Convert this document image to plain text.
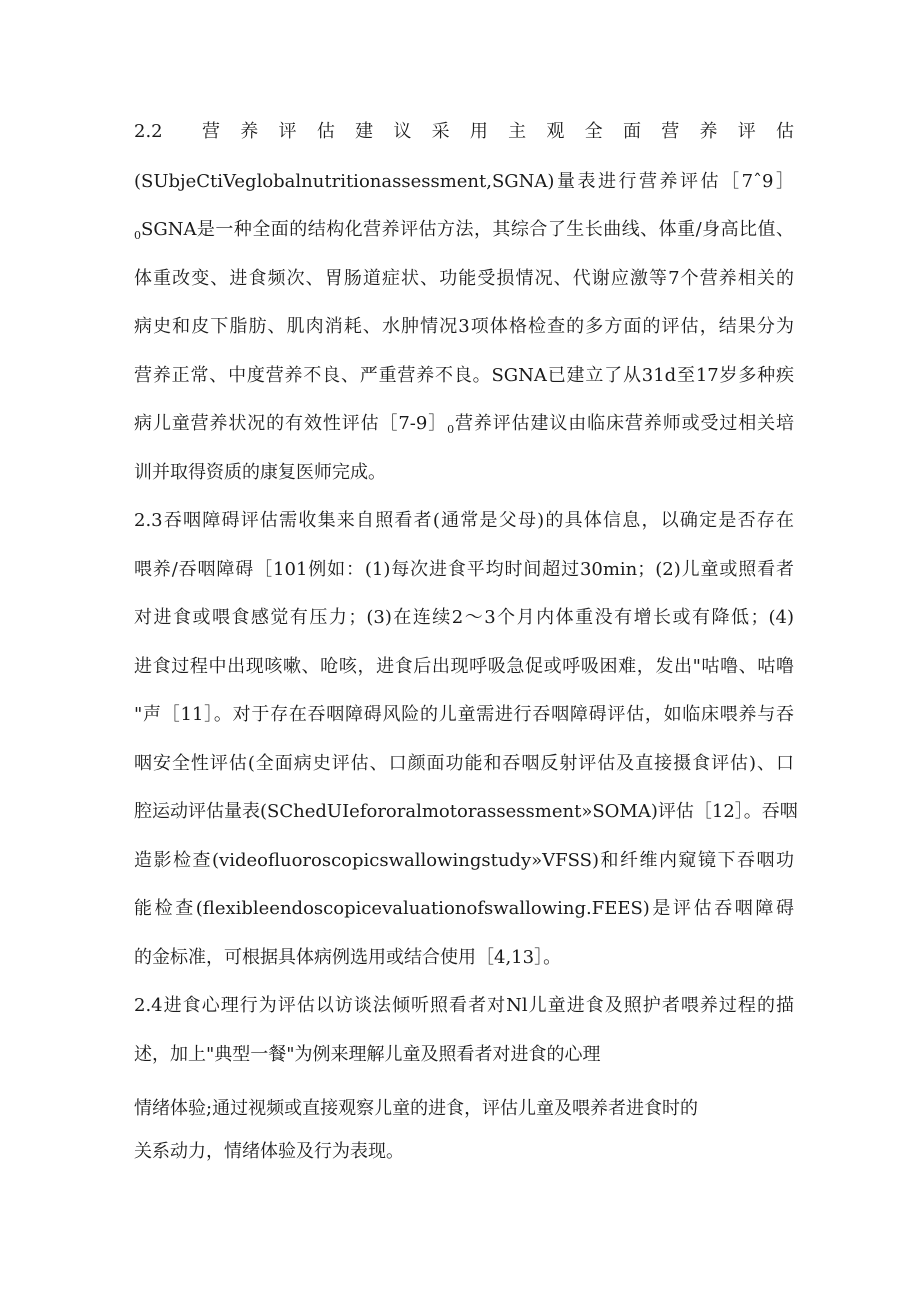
2.2　　营　养　评　估　建　议　采　用　主　观　全　面　营　养　评　估
(SUbjeCtiVeglobalnutritionassessment,SGNA)量表进行营养评估［7ˆ9］
$_0$SGNA是一种全面的结构化营养评估方法，其综合了生长曲线、体重/身高比值、
体重改变、进食频次、胃肠道症状、功能受损情况、代谢应激等7个营养相关的
病史和皮下脂肪、肌肉消耗、水肿情况3项体格检查的多方面的评估，结果分为
营养正常、中度营养不良、严重营养不良。SGNA已建立了从31d至17岁多种疾
病儿童营养状况的有效性评估$[7-9]_0$营养评估建议由临床营养师或受过相关培
训并取得资质的康复医师完成。
2.3吞咽障碍评估需收集来自照看者(通常是父母)的具体信息，以确定是否存在
喂养/吞咽障碍［101例如：(1)每次进食平均时间超过30min；(2)儿童或照看者
对进食或喂食感觉有压力；(3)在连续2～3个月内体重没有增长或有降低；(4)
进食过程中出现咳嗽、呛咳，进食后出现呼吸急促或呼吸困难，发出"咕噜、咕噜
"声［11］。对于存在吞咽障碍风险的儿童需进行吞咽障碍评估，如临床喂养与吞
咽安全性评估(全面病史评估、口颜面功能和吞咽反射评估及直接摄食评估)、口
腔运动评估量表(SChedUIefororalmotorassessment»SOMA)评估［12］。吞咽
造影检查(videofluoroscopicswallowingstudy»VFSS)和纤维内窥镜下吞咽功
能检查(flexibleendoscopicevaluationofswallowing.FEES)是评估吞咽障碍
的金标准，可根据具体病例选用或结合使用［4,13］。
2.4进食心理行为评估以访谈法倾听照看者对Nl儿童进食及照护者喂养过程的描
述，加上"典型一餐"为例来理解儿童及照看者对进食的心理
情绪体验;通过视频或直接观察儿童的进食，评估儿童及喂养者进食时的
关系动力，情绪体验及行为表现。
